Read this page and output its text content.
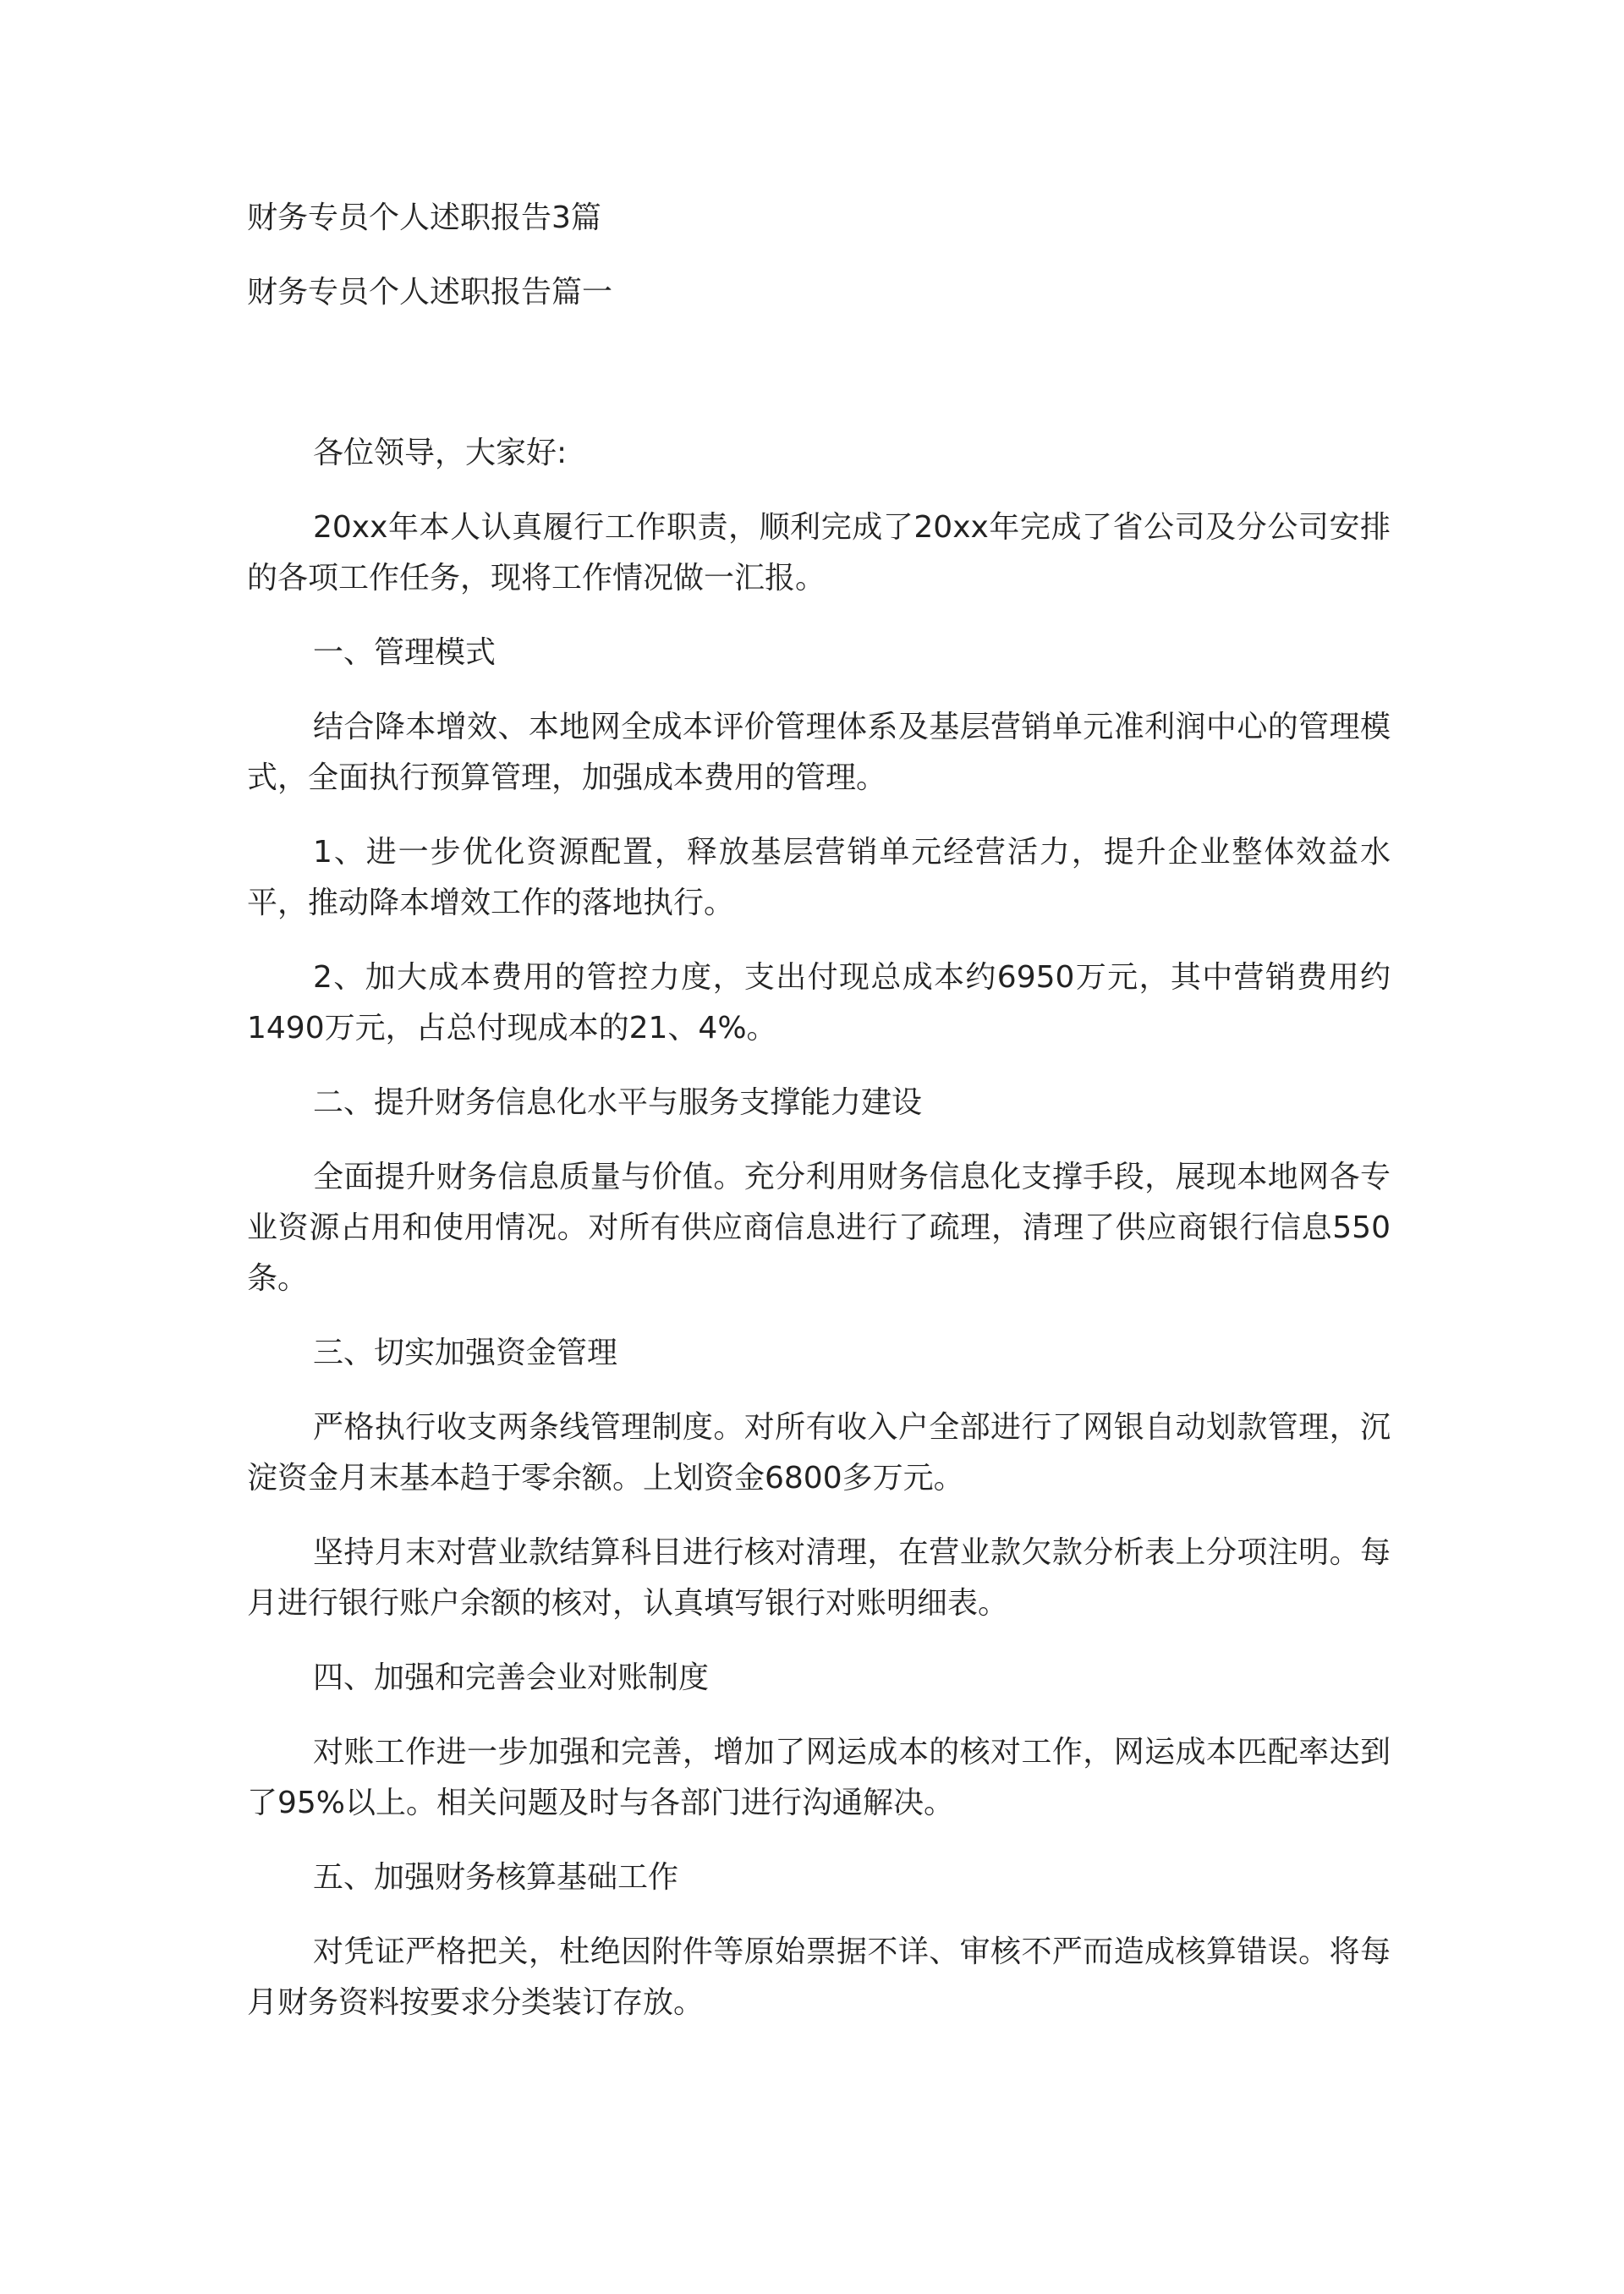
财务专员个人述职报告3篇
财务专员个人述职报告篇一

各位领导，大家好:

20xx年本人认真履行工作职责，顺利完成了20xx年完成了省公司及分公司安排的各项工作任务，现将工作情况做一汇报。

一、管理模式

结合降本增效、本地网全成本评价管理体系及基层营销单元准利润中心的管理模式，全面执行预算管理，加强成本费用的管理。

1、进一步优化资源配置，释放基层营销单元经营活力，提升企业整体效益水平，推动降本增效工作的落地执行。

2、加大成本费用的管控力度，支出付现总成本约6950万元，其中营销费用约1490万元，占总付现成本的21、4%。

二、提升财务信息化水平与服务支撑能力建设

全面提升财务信息质量与价值。充分利用财务信息化支撑手段，展现本地网各专业资源占用和使用情况。对所有供应商信息进行了疏理，清理了供应商银行信息550条。

三、切实加强资金管理

严格执行收支两条线管理制度。对所有收入户全部进行了网银自动划款管理，沉淀资金月末基本趋于零余额。上划资金6800多万元。

坚持月末对营业款结算科目进行核对清理，在营业款欠款分析表上分项注明。每月进行银行账户余额的核对，认真填写银行对账明细表。

四、加强和完善会业对账制度

对账工作进一步加强和完善，增加了网运成本的核对工作，网运成本匹配率达到了95%以上。相关问题及时与各部门进行沟通解决。

五、加强财务核算基础工作

对凭证严格把关，杜绝因附件等原始票据不详、审核不严而造成核算错误。将每月财务资料按要求分类装订存放。
